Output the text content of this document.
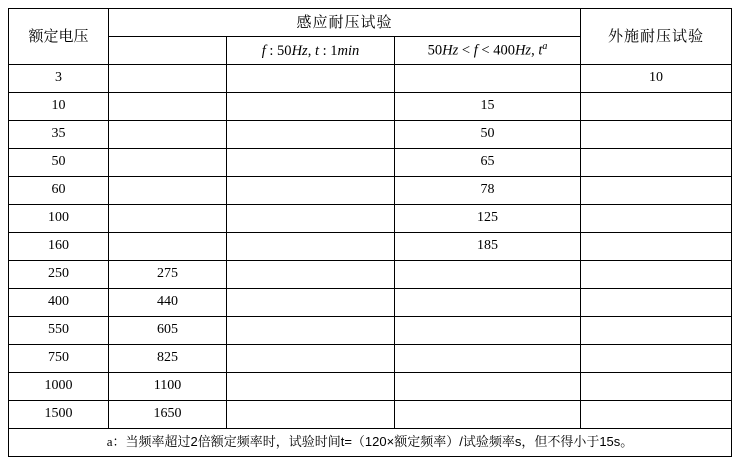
额定电压	感应耐压试验			外施耐压试验
		f : 50Hz, t : 1min	50Hz < f < 400Hz, $t^a$
3				10
10			15	
35			50	
50			65	
60			78	
100			125	
160			185	
250	275			
400	440			
550	605			
750	825			
1000	1100			
1500	1650			
a：当频率超过2倍额定频率时，试验时间t=（120×额定频率）/试验频率s，但不得小于15s。				
